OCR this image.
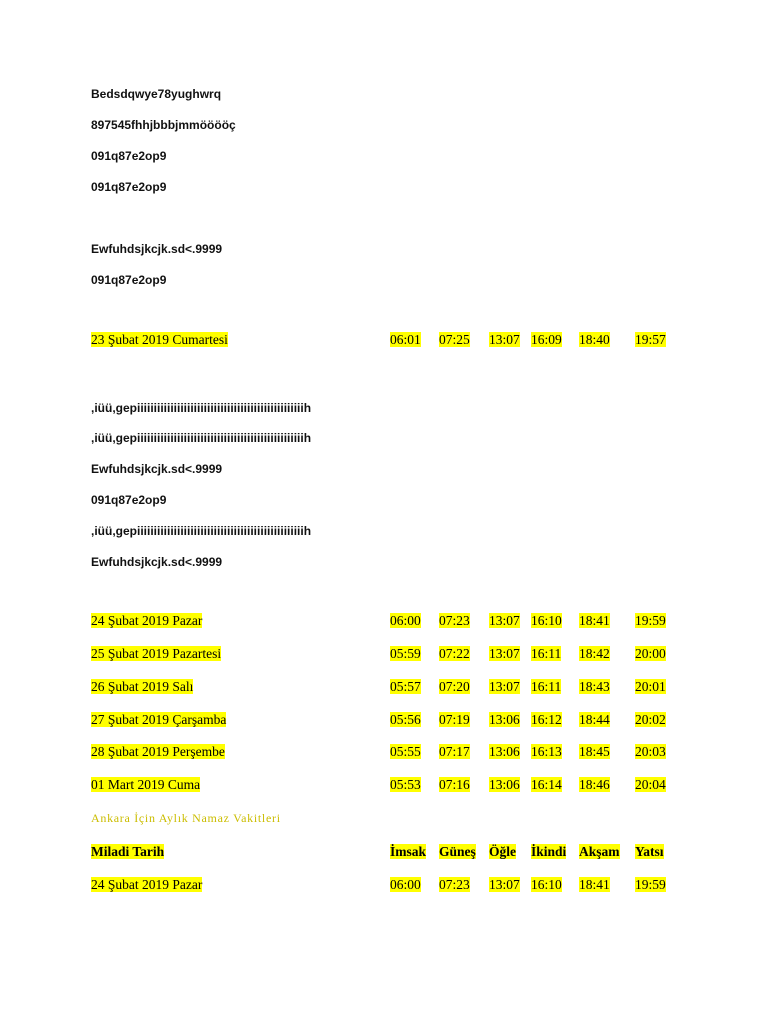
Bedsdqwye78yughwrq
897545fhhjbbbjmmööööç
091q87e2op9
091q87e2op9
Ewfuhdsjkcjk.sd<.9999
091q87e2op9
23 Şubat 2019 Cumartesi	06:01 07:25 13:07 16:09 18:40 19:57
,iüü,gepiiiiiiiiiiiiiiiiiiiiiiiiiiiiiiiiiiiiiiiiiiiiiiiiiih
,iüü,gepiiiiiiiiiiiiiiiiiiiiiiiiiiiiiiiiiiiiiiiiiiiiiiiiiih
Ewfuhdsjkcjk.sd<.9999
091q87e2op9
,iüü,gepiiiiiiiiiiiiiiiiiiiiiiiiiiiiiiiiiiiiiiiiiiiiiiiiiih
Ewfuhdsjkcjk.sd<.9999
24 Şubat 2019 Pazar	06:00 07:23 13:07 16:10 18:41 19:59
25 Şubat 2019 Pazartesi	05:59 07:22 13:07 16:11 18:42 20:00
26 Şubat 2019 Salı	05:57 07:20 13:07 16:11 18:43 20:01
27 Şubat 2019 Çarşamba	05:56 07:19 13:06 16:12 18:44 20:02
28 Şubat 2019 Perşembe	05:55 07:17 13:06 16:13 18:45 20:03
01 Mart 2019 Cuma	05:53 07:16 13:06 16:14 18:46 20:04
Ankara İçin Aylık Namaz Vakitleri
Miladi Tarih	İmsak Güneş Öğle İkindi Akşam Yatsı
24 Şubat 2019 Pazar	06:00 07:23 13:07 16:10 18:41 19:59
